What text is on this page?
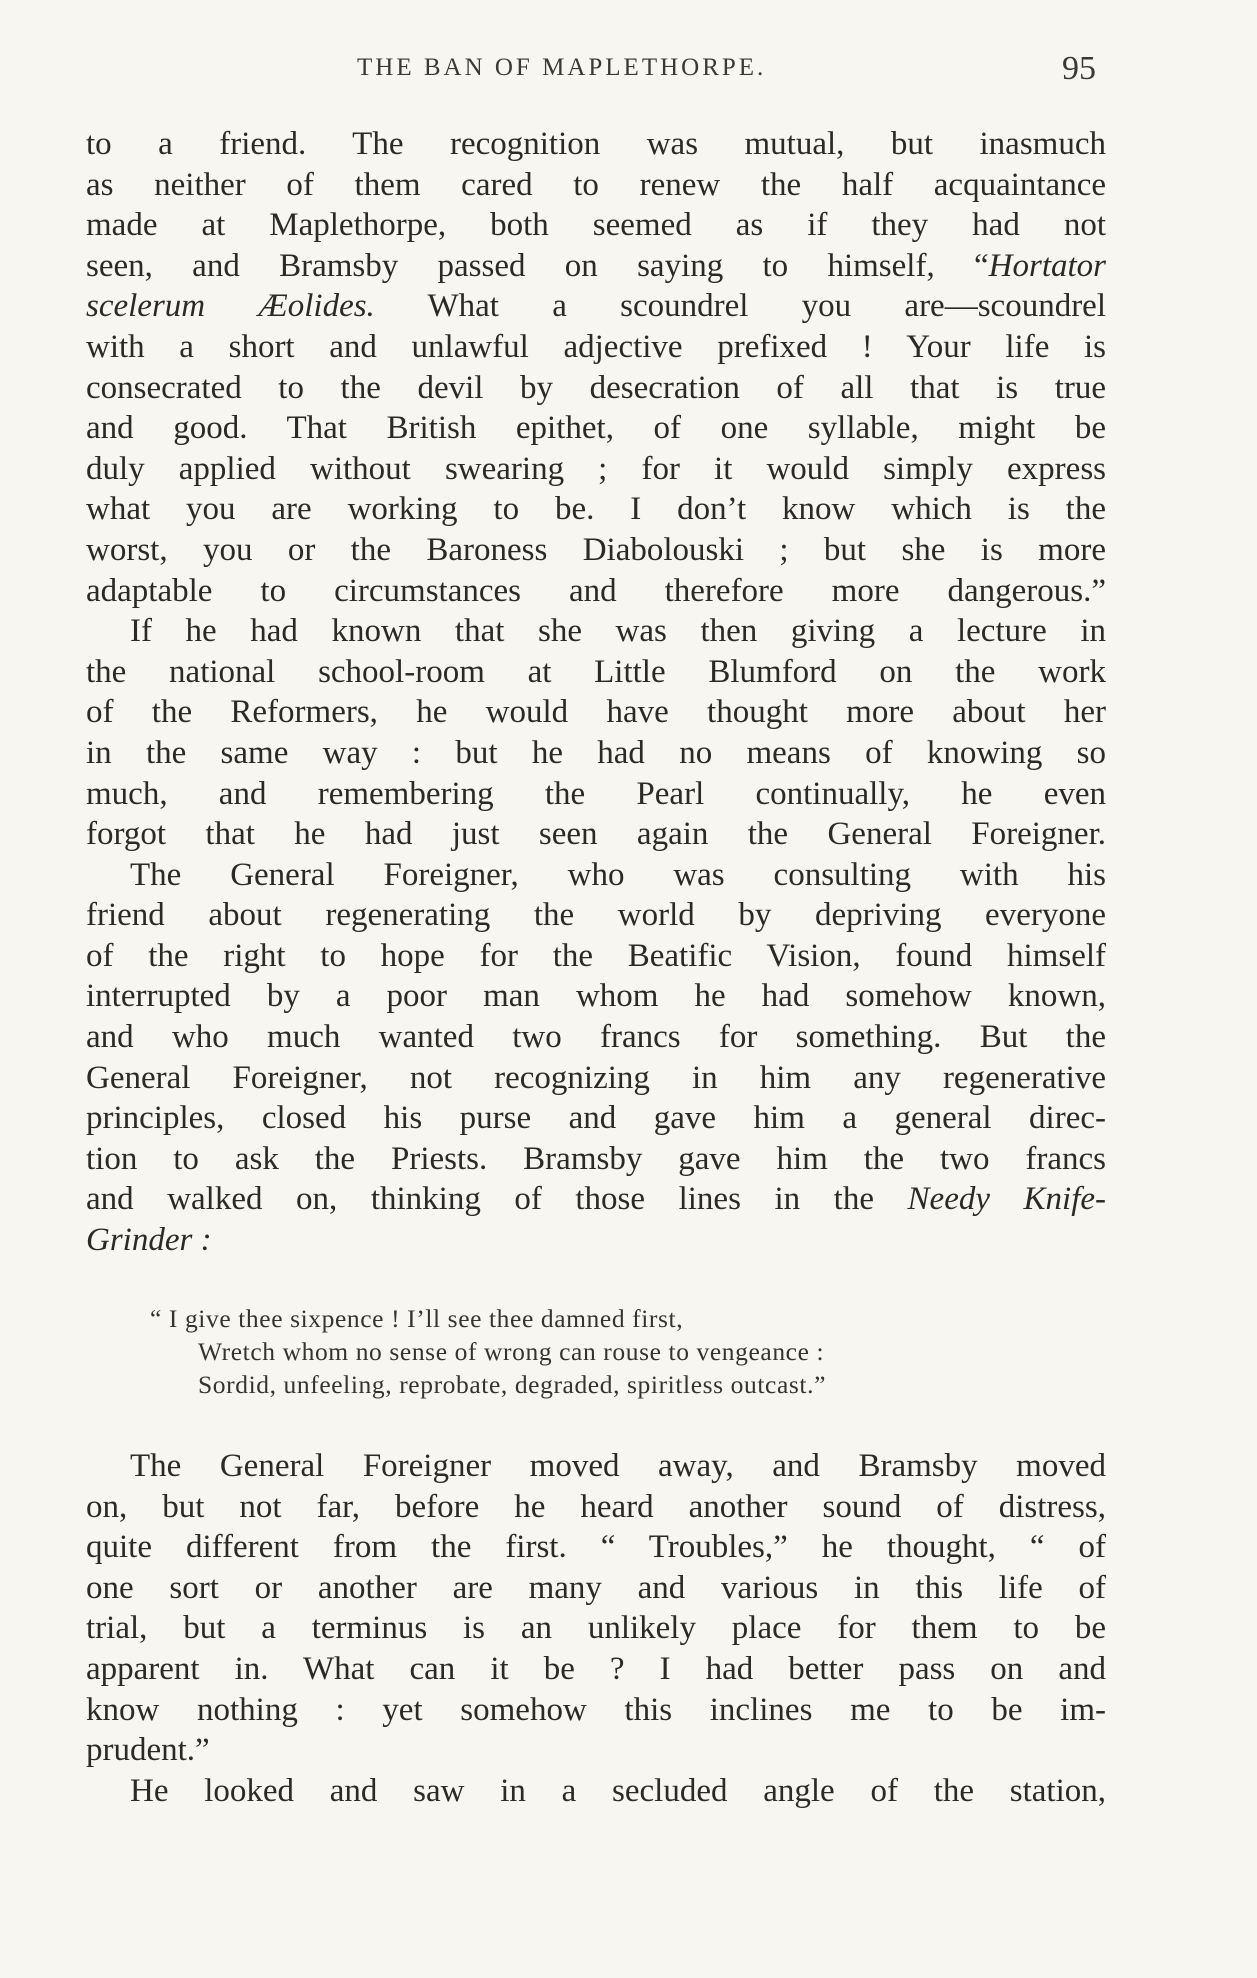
THE BAN OF MAPLETHORPE.	95
to a friend. The recognition was mutual, but inasmuch
as neither of them cared to renew the half acquaintance
made at Maplethorpe, both seemed as if they had not
seen, and Bramsby passed on saying to himself, “Hortator
scelerum Æolides. What a scoundrel you are—scoundrel
with a short and unlawful adjective prefixed ! Your life is
consecrated to the devil by desecration of all that is true
and good. That British epithet, of one syllable, might be
duly applied without swearing ; for it would simply express
what you are working to be. I don’t know which is the
worst, you or the Baroness Diabolouski ; but she is more
adaptable to circumstances and therefore more dangerous.”
If he had known that she was then giving a lecture in
the national school-room at Little Blumford on the work
of the Reformers, he would have thought more about her
in the same way : but he had no means of knowing so
much, and remembering the Pearl continually, he even
forgot that he had just seen again the General Foreigner.
The General Foreigner, who was consulting with his
friend about regenerating the world by depriving everyone
of the right to hope for the Beatific Vision, found himself
interrupted by a poor man whom he had somehow known,
and who much wanted two francs for something. But the
General Foreigner, not recognizing in him any regenerative
principles, closed his purse and gave him a general direc-
tion to ask the Priests. Bramsby gave him the two francs
and walked on, thinking of those lines in the Needy Knife-
Grinder :
“ I give thee sixpence ! I’ll see thee damned first,
Wretch whom no sense of wrong can rouse to vengeance :
Sordid, unfeeling, reprobate, degraded, spiritless outcast.”
The General Foreigner moved away, and Bramsby moved
on, but not far, before he heard another sound of distress,
quite different from the first. “ Troubles,” he thought, “ of
one sort or another are many and various in this life of
trial, but a terminus is an unlikely place for them to be
apparent in. What can it be ? I had better pass on and
know nothing : yet somehow this inclines me to be im-
prudent.”
He looked and saw in a secluded angle of the station,
